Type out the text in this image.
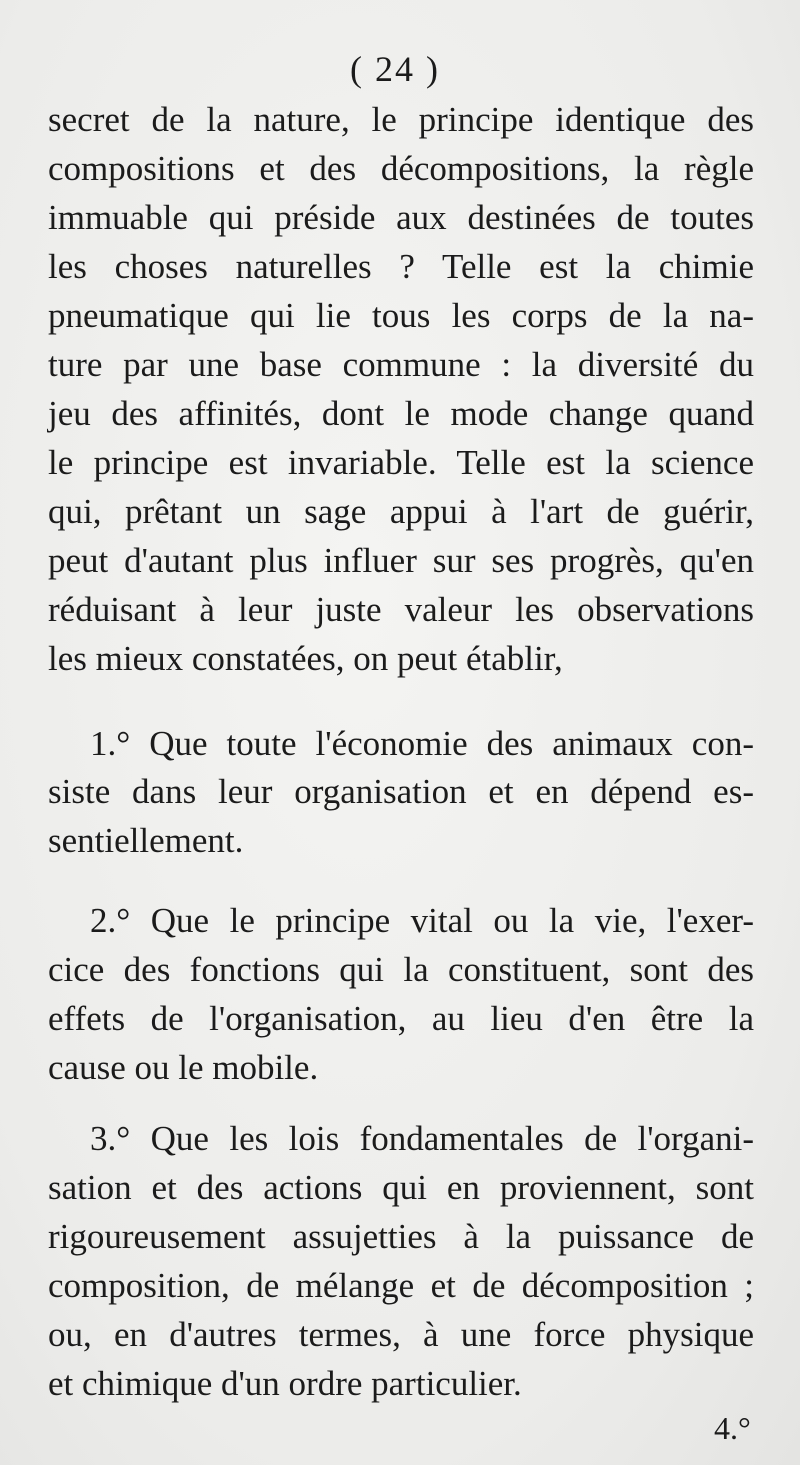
( 24 )
secret de la nature, le principe identique des
compositions et des décompositions, la règle
immuable qui préside aux destinées de toutes
les choses naturelles ? Telle est la chimie
pneumatique qui lie tous les corps de la na-
ture par une base commune : la diversité du
jeu des affinités, dont le mode change quand
le principe est invariable. Telle est la science
qui, prêtant un sage appui à l'art de guérir,
peut d'autant plus influer sur ses progrès, qu'en
réduisant à leur juste valeur les observations
les mieux constatées, on peut établir,
1.° Que toute l'économie des animaux con-
siste dans leur organisation et en dépend es-
sentiellement.
2.° Que le principe vital ou la vie, l'exer-
cice des fonctions qui la constituent, sont des
effets de l'organisation, au lieu d'en être la
cause ou le mobile.
3.° Que les lois fondamentales de l'organi-
sation et des actions qui en proviennent, sont
rigoureusement assujetties à la puissance de
composition, de mélange et de décomposition ;
ou, en d'autres termes, à une force physique
et chimique d'un ordre particulier.
4.°
